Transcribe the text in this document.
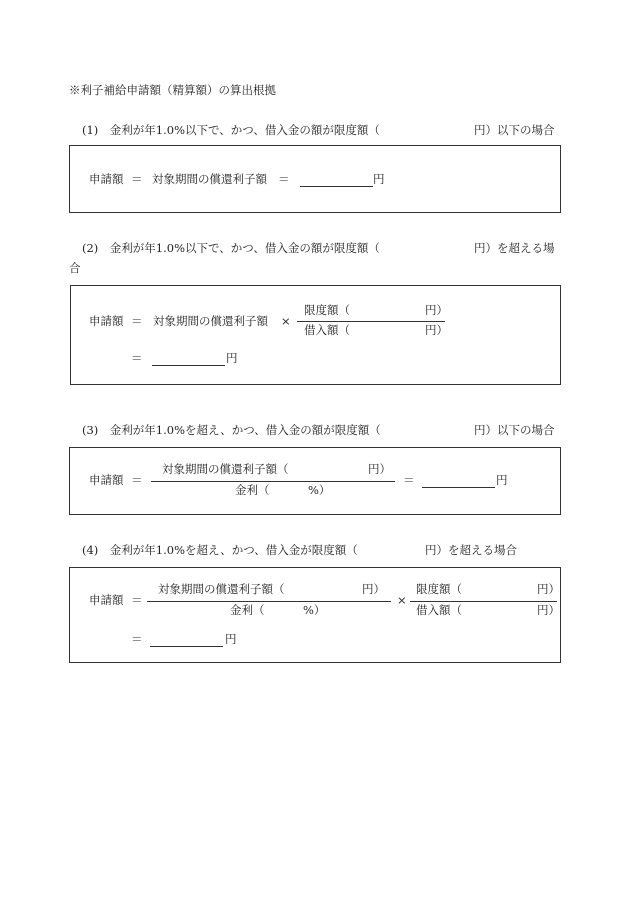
※利子補給申請額（精算額）の算出根拠
(1)　金利が年1.0%以下で、かつ、借入金の額が限度額（	円）以下の場合
申請額 ＝ 対象期間の償還利子額 ＝	円
(2)　金利が年1.0%以下で、かつ、借入金の額が限度額（	円）を超える場
合
申請額 ＝ 対象期間の償還利子額 ×
限度額（	円）
借入額（	円）
＝	円
(3)　金利が年1.0%を超え、かつ、借入金の額が限度額（	円）以下の場合
申請額 ＝
対象期間の償還利子額（	円）
金利（	%）
＝	円
(4)　金利が年1.0%を超え、かつ、借入金が限度額（	円）を超える場合
申請額 ＝
対象期間の償還利子額（	円）
金利（	%）
×
限度額（	円）
借入額（	円）
＝	円
